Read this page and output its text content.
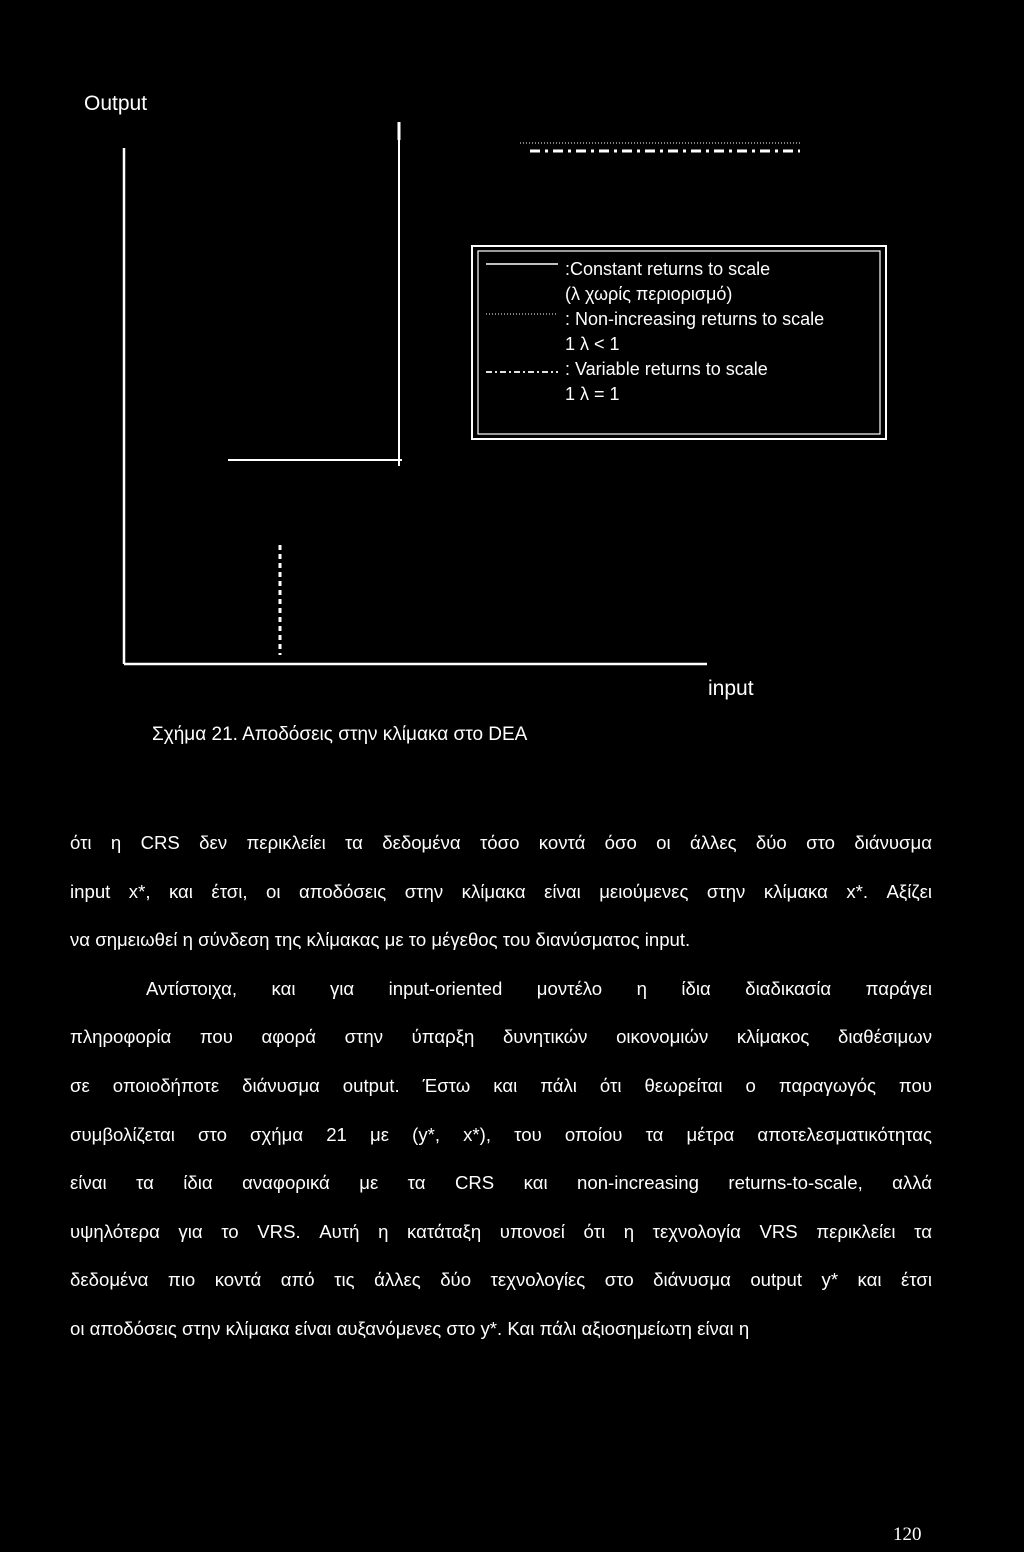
Output
input
:Constant returns to scale
(λ χωρίς περιορισμό)
: Non-increasing returns to scale
1 λ < 1
: Variable returns to scale
1 λ = 1
Σχήμα 21. Αποδόσεις στην κλίμακα στο DEA
ότι η CRS δεν περικλείει τα δεδομένα τόσο κοντά όσο οι άλλες δύο στο διάνυσμα
input x*, και έτσι, οι αποδόσεις στην κλίμακα είναι μειούμενες στην κλίμακα x*. Αξίζει
να σημειωθεί η σύνδεση της κλίμακας με το μέγεθος του διανύσματος input.
Αντίστοιχα, και για input-oriented μοντέλο η ίδια διαδικασία παράγει
πληροφορία που αφορά στην ύπαρξη δυνητικών οικονομιών κλίμακος διαθέσιμων
σε οποιοδήποτε διάνυσμα output. Έστω και πάλι ότι θεωρείται ο παραγωγός που
συμβολίζεται στο σχήμα 21 με (y*, x*), του οποίου τα μέτρα αποτελεσματικότητας
είναι τα ίδια αναφορικά με τα CRS και non-increasing returns-to-scale, αλλά
υψηλότερα για το VRS. Αυτή η κατάταξη υπονοεί ότι η τεχνολογία VRS περικλείει τα
δεδομένα πιο κοντά από τις άλλες δύο τεχνολογίες στο διάνυσμα output y* και έτσι
οι αποδόσεις στην κλίμακα είναι αυξανόμενες στο y*. Και πάλι αξιοσημείωτη είναι η
120
